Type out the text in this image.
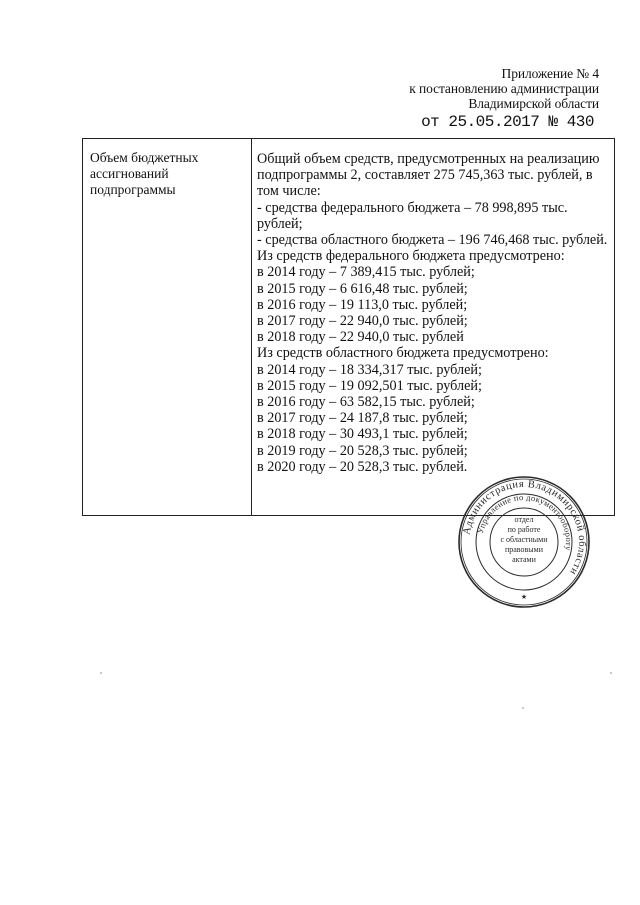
Приложение № 4
к постановлению администрации
Владимирской области
от 25.05.2017 № 430
Объем бюджетных ассигнований подпрограммы
Общий объем средств, предусмотренных на реализацию подпрограммы 2, составляет 275 745,363 тыс. рублей, в том числе:
- средства федерального бюджета – 78 998,895 тыс. рублей;
- средства областного бюджета – 196 746,468 тыс. рублей.
Из средств федерального бюджета предусмотрено:
в 2014 году – 7 389,415 тыс. рублей;
в 2015 году – 6 616,48 тыс. рублей;
в 2016 году – 19 113,0 тыс. рублей;
в 2017 году – 22 940,0 тыс. рублей;
в 2018 году – 22 940,0 тыс. рублей
Из средств областного бюджета предусмотрено:
в 2014 году – 18 334,317 тыс. рублей;
в 2015 году – 19 092,501 тыс. рублей;
в 2016 году – 63 582,15 тыс. рублей;
в 2017 году – 24 187,8 тыс. рублей;
в 2018 году – 30 493,1 тыс. рублей;
в 2019 году – 20 528,3 тыс. рублей;
в 2020 году – 20 528,3 тыс. рублей.
Администрация Владимирской области
Управление по документообороту
отдел по работе с областными правовыми актами
★
